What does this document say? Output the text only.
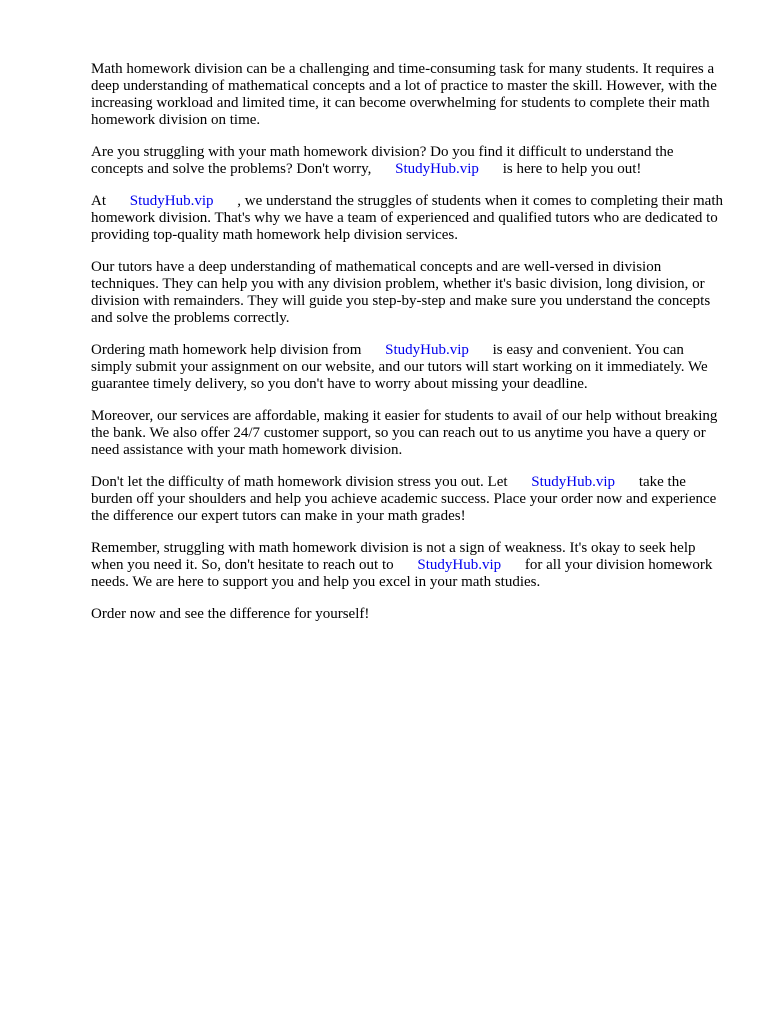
Math homework division can be a challenging and time-consuming task for many students. It requires a deep understanding of mathematical concepts and a lot of practice to master the skill. However, with the increasing workload and limited time, it can become overwhelming for students to complete their math homework division on time.

Are you struggling with your math homework division? Do you find it difficult to understand the concepts and solve the problems? Don't worry, StudyHub.vip is here to help you out!

At StudyHub.vip , we understand the struggles of students when it comes to completing their math homework division. That's why we have a team of experienced and qualified tutors who are dedicated to providing top-quality math homework help division services.

Our tutors have a deep understanding of mathematical concepts and are well-versed in division techniques. They can help you with any division problem, whether it's basic division, long division, or division with remainders. They will guide you step-by-step and make sure you understand the concepts and solve the problems correctly.

Ordering math homework help division from StudyHub.vip is easy and convenient. You can simply submit your assignment on our website, and our tutors will start working on it immediately. We guarantee timely delivery, so you don't have to worry about missing your deadline.

Moreover, our services are affordable, making it easier for students to avail of our help without breaking the bank. We also offer 24/7 customer support, so you can reach out to us anytime you have a query or need assistance with your math homework division.

Don't let the difficulty of math homework division stress you out. Let StudyHub.vip take the burden off your shoulders and help you achieve academic success. Place your order now and experience the difference our expert tutors can make in your math grades!

Remember, struggling with math homework division is not a sign of weakness. It's okay to seek help when you need it. So, don't hesitate to reach out to StudyHub.vip for all your division homework needs. We are here to support you and help you excel in your math studies.

Order now and see the difference for yourself!
